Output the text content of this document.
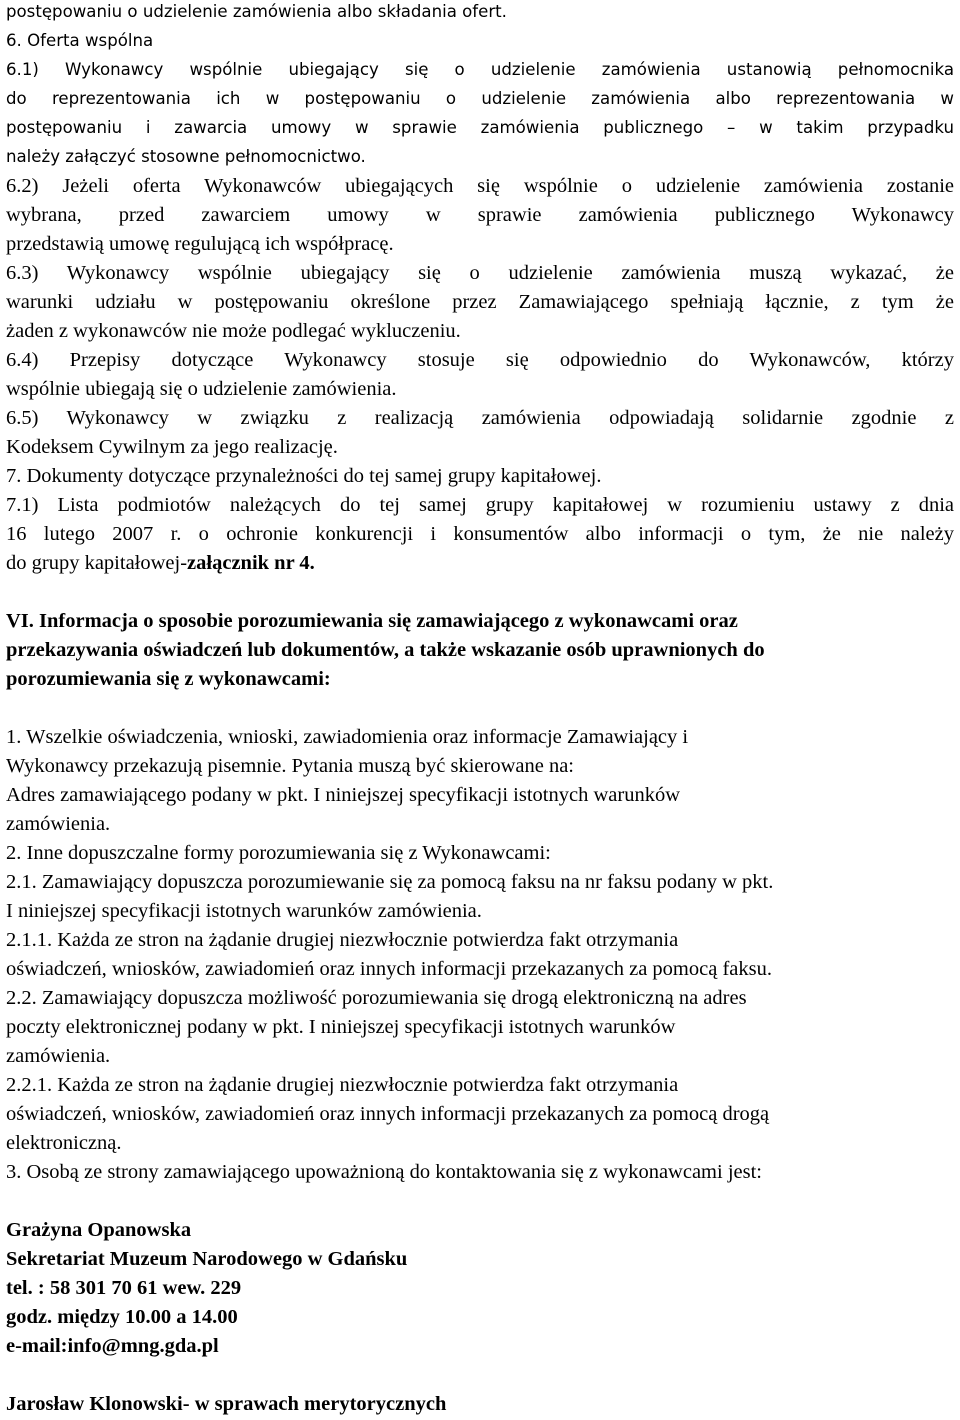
postępowaniu o udzielenie zamówienia albo składania ofert.
6. Oferta wspólna
6.1) Wykonawcy wspólnie ubiegający się o udzielenie zamówienia ustanowią pełnomocnika
do reprezentowania ich w postępowaniu o udzielenie zamówienia albo reprezentowania w
postępowaniu i zawarcia umowy w sprawie zamówienia publicznego – w takim przypadku
należy załączyć stosowne pełnomocnictwo.
6.2) Jeżeli oferta Wykonawców ubiegających się wspólnie o udzielenie zamówienia zostanie
wybrana, przed zawarciem umowy w sprawie zamówienia publicznego Wykonawcy
przedstawią umowę regulującą ich współpracę.
6.3) Wykonawcy wspólnie ubiegający się o udzielenie zamówienia muszą wykazać, że
warunki udziału w postępowaniu określone przez Zamawiającego spełniają łącznie, z tym że
żaden z wykonawców nie może podlegać wykluczeniu.
6.4) Przepisy dotyczące Wykonawcy stosuje się odpowiednio do Wykonawców, którzy
wspólnie ubiegają się o udzielenie zamówienia.
6.5) Wykonawcy w związku z realizacją zamówienia odpowiadają solidarnie zgodnie z
Kodeksem Cywilnym za jego realizację.
7. Dokumenty dotyczące przynależności do tej samej grupy kapitałowej.
7.1) Lista podmiotów należących do tej samej grupy kapitałowej w rozumieniu ustawy z dnia
16 lutego 2007 r. o ochronie konkurencji i konsumentów albo informacji o tym, że nie należy
do grupy kapitałowej-załącznik nr 4.
VI. Informacja o sposobie porozumiewania się zamawiającego z wykonawcami oraz
przekazywania oświadczeń lub dokumentów, a także wskazanie osób uprawnionych do
porozumiewania się z wykonawcami:
1. Wszelkie oświadczenia, wnioski, zawiadomienia oraz informacje Zamawiający i
Wykonawcy przekazują pisemnie. Pytania muszą być skierowane na:
Adres zamawiającego podany w pkt. I niniejszej specyfikacji istotnych warunków
zamówienia.
2. Inne dopuszczalne formy porozumiewania się z Wykonawcami:
2.1. Zamawiający dopuszcza porozumiewanie się za pomocą faksu na nr faksu podany w pkt.
I niniejszej specyfikacji istotnych warunków zamówienia.
2.1.1. Każda ze stron na żądanie drugiej niezwłocznie potwierdza fakt otrzymania
oświadczeń, wniosków, zawiadomień oraz innych informacji przekazanych za pomocą faksu.
2.2. Zamawiający dopuszcza możliwość porozumiewania się drogą elektroniczną na adres
poczty elektronicznej podany w pkt. I niniejszej specyfikacji istotnych warunków
zamówienia.
2.2.1. Każda ze stron na żądanie drugiej niezwłocznie potwierdza fakt otrzymania
oświadczeń, wniosków, zawiadomień oraz innych informacji przekazanych za pomocą drogą
elektroniczną.
3. Osobą ze strony zamawiającego upoważnioną do kontaktowania się z wykonawcami jest:
Grażyna Opanowska
Sekretariat Muzeum Narodowego w Gdańsku
tel. : 58 301 70 61 wew. 229
godz. między 10.00 a 14.00
e-mail:info@mng.gda.pl
Jarosław Klonowski- w sprawach merytorycznych
